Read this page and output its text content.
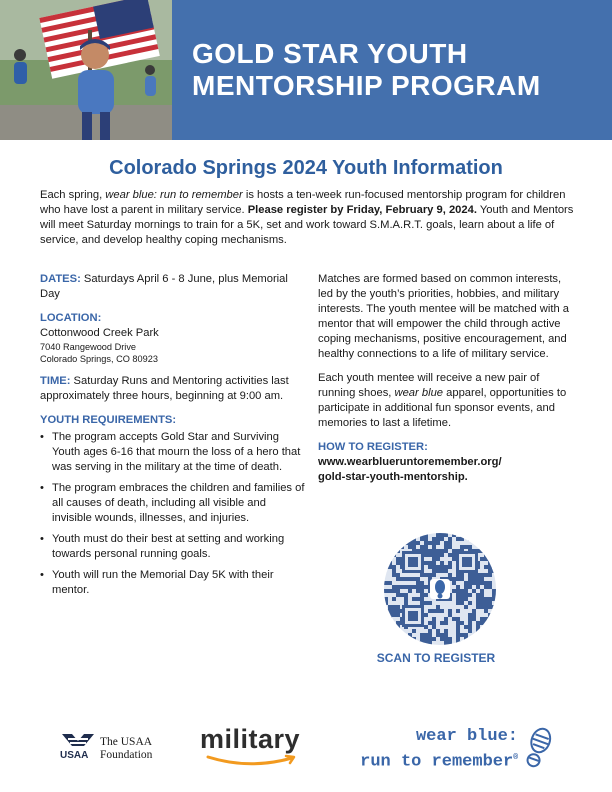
GOLD STAR YOUTH
MENTORSHIP PROGRAM
Colorado Springs 2024 Youth Information
Each spring, wear blue: run to remember is hosts a ten-week run-focused mentorship program for children who have lost a parent in military service. Please register by Friday, February 9, 2024. Youth and Mentors will meet Saturday mornings to train for a 5K, set and work toward S.M.A.R.T. goals, learn about a life of service, and develop healthy coping mechanisms.
DATES: Saturdays April 6 - 8 June, plus Memorial Day
LOCATION:
Cottonwood Creek Park
7040 Rangewood Drive
Colorado Springs, CO 80923
TIME: Saturday Runs and Mentoring activities last approximately three hours, beginning at 9:00 am.
YOUTH REQUIREMENTS:
• The program accepts Gold Star and Surviving Youth ages 6-16 that mourn the loss of a hero that was serving in the military at the time of death.
• The program embraces the children and families of all causes of death, including all visible and invisible wounds, illnesses, and injuries.
• Youth must do their best at setting and working towards personal running goals.
• Youth will run the Memorial Day 5K with their mentor.
Matches are formed based on common interests, led by the youth’s priorities, hobbies, and military interests. The youth mentee will be matched with a mentor that will empower the child through active coping mechanisms, positive encouragement, and healthy connections to a life of military service.
Each youth mentee will receive a new pair of running shoes, wear blue apparel, opportunities to participate in additional fun sponsor events, and memories to last a lifetime.
HOW TO REGISTER:
www.wearblueruntoremember.org/
gold-star-youth-mentorship.
SCAN TO REGISTER
USAA
The USAA
Foundation
military	wear blue:
run to remember®
